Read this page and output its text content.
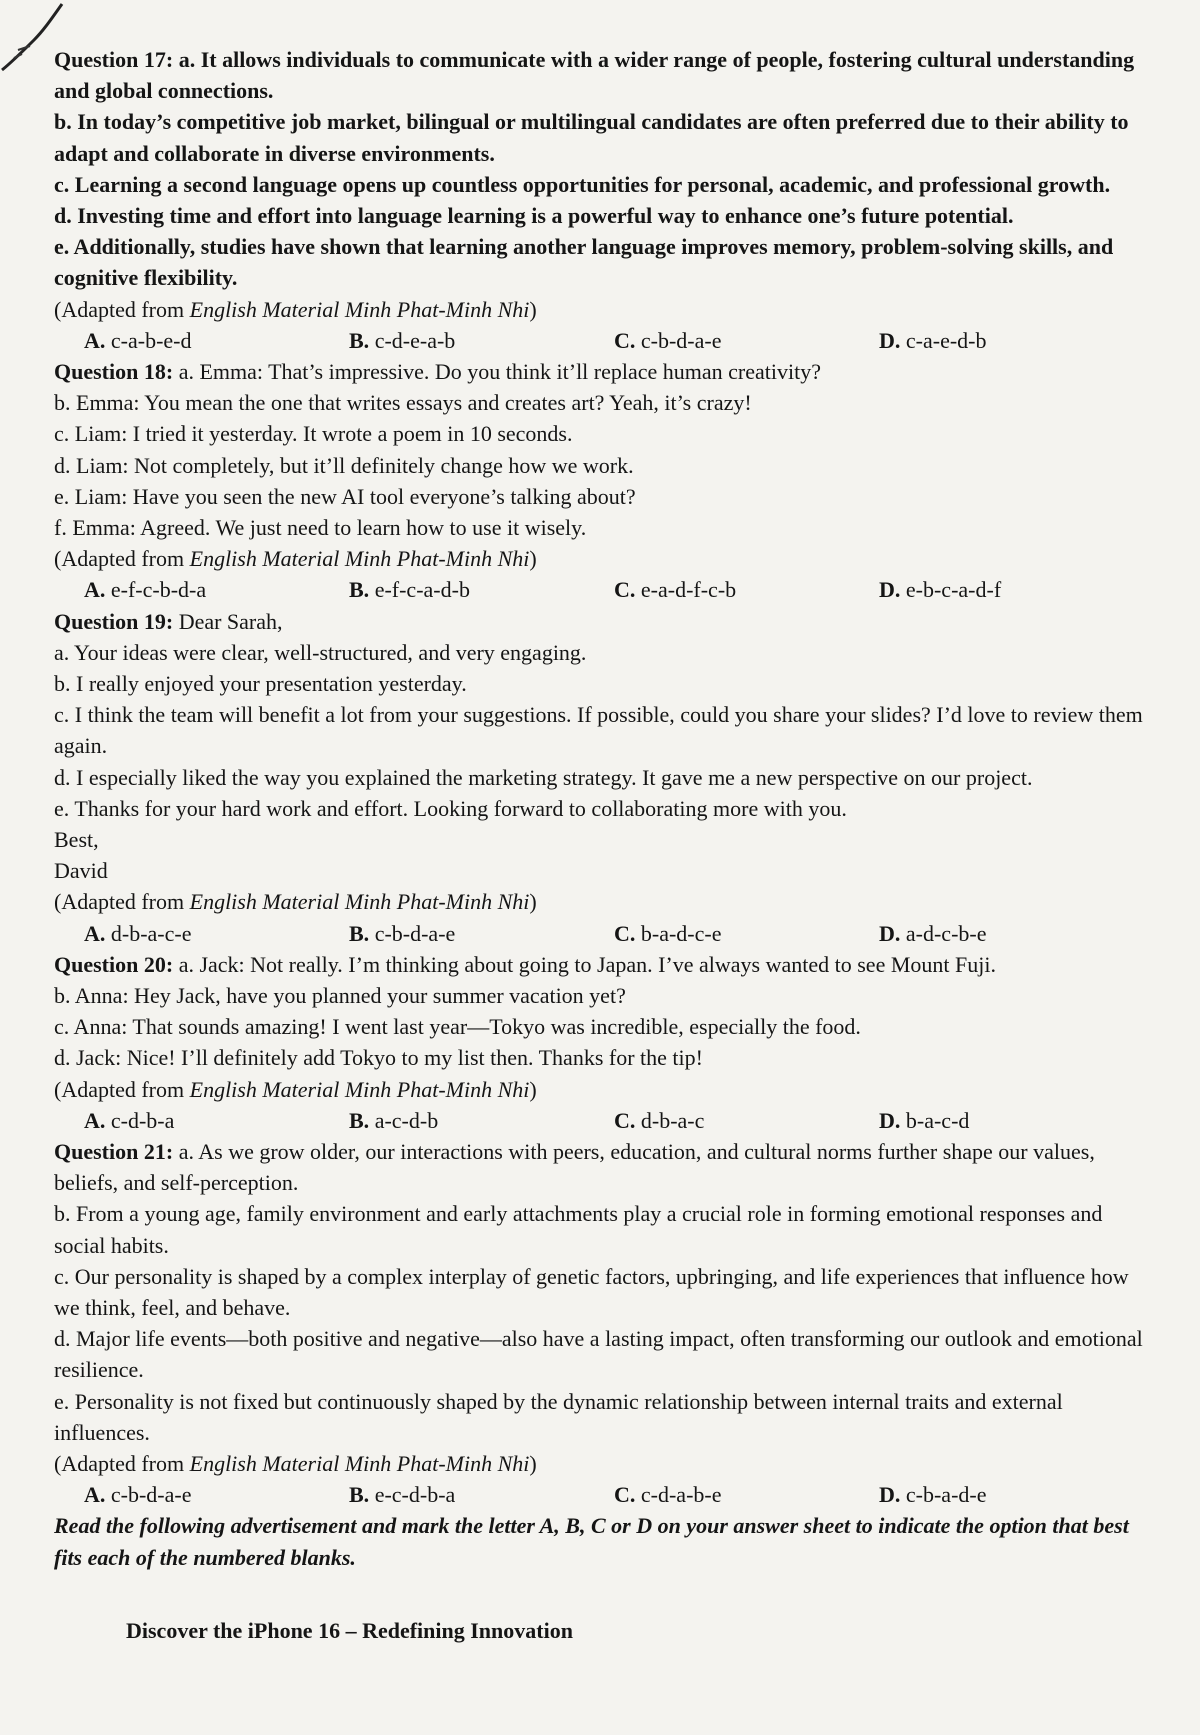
Question 17: a. It allows individuals to communicate with a wider range of people, fostering cultural understanding and global connections.
b. In today’s competitive job market, bilingual or multilingual candidates are often preferred due to their ability to adapt and collaborate in diverse environments.
c. Learning a second language opens up countless opportunities for personal, academic, and professional growth.
d. Investing time and effort into language learning is a powerful way to enhance one’s future potential.
e. Additionally, studies have shown that learning another language improves memory, problem-solving skills, and cognitive flexibility.
(Adapted from English Material Minh Phat-Minh Nhi)
A. c-a-b-e-d	B. c-d-e-a-b	C. c-b-d-a-e	D. c-a-e-d-b
Question 18: a. Emma: That’s impressive. Do you think it’ll replace human creativity?
b. Emma: You mean the one that writes essays and creates art? Yeah, it’s crazy!
c. Liam: I tried it yesterday. It wrote a poem in 10 seconds.
d. Liam: Not completely, but it’ll definitely change how we work.
e. Liam: Have you seen the new AI tool everyone’s talking about?
f. Emma: Agreed. We just need to learn how to use it wisely.
(Adapted from English Material Minh Phat-Minh Nhi)
A. e-f-c-b-d-a	B. e-f-c-a-d-b	C. e-a-d-f-c-b	D. e-b-c-a-d-f
Question 19: Dear Sarah,
a. Your ideas were clear, well-structured, and very engaging.
b. I really enjoyed your presentation yesterday.
c. I think the team will benefit a lot from your suggestions. If possible, could you share your slides? I’d love to review them again.
d. I especially liked the way you explained the marketing strategy. It gave me a new perspective on our project.
e. Thanks for your hard work and effort. Looking forward to collaborating more with you.
Best,
David
(Adapted from English Material Minh Phat-Minh Nhi)
A. d-b-a-c-e	B. c-b-d-a-e	C. b-a-d-c-e	D. a-d-c-b-e
Question 20: a. Jack: Not really. I’m thinking about going to Japan. I’ve always wanted to see Mount Fuji.
b. Anna: Hey Jack, have you planned your summer vacation yet?
c. Anna: That sounds amazing! I went last year—Tokyo was incredible, especially the food.
d. Jack: Nice! I’ll definitely add Tokyo to my list then. Thanks for the tip!
(Adapted from English Material Minh Phat-Minh Nhi)
A. c-d-b-a	B. a-c-d-b	C. d-b-a-c	D. b-a-c-d
Question 21: a. As we grow older, our interactions with peers, education, and cultural norms further shape our values, beliefs, and self-perception.
b. From a young age, family environment and early attachments play a crucial role in forming emotional responses and social habits.
c. Our personality is shaped by a complex interplay of genetic factors, upbringing, and life experiences that influence how we think, feel, and behave.
d. Major life events—both positive and negative—also have a lasting impact, often transforming our outlook and emotional resilience.
e. Personality is not fixed but continuously shaped by the dynamic relationship between internal traits and external influences.
(Adapted from English Material Minh Phat-Minh Nhi)
A. c-b-d-a-e	B. e-c-d-b-a	C. c-d-a-b-e	D. c-b-a-d-e
Read the following advertisement and mark the letter A, B, C or D on your answer sheet to indicate the option that best fits each of the numbered blanks.
Discover the iPhone 16 – Redefining Innovation
